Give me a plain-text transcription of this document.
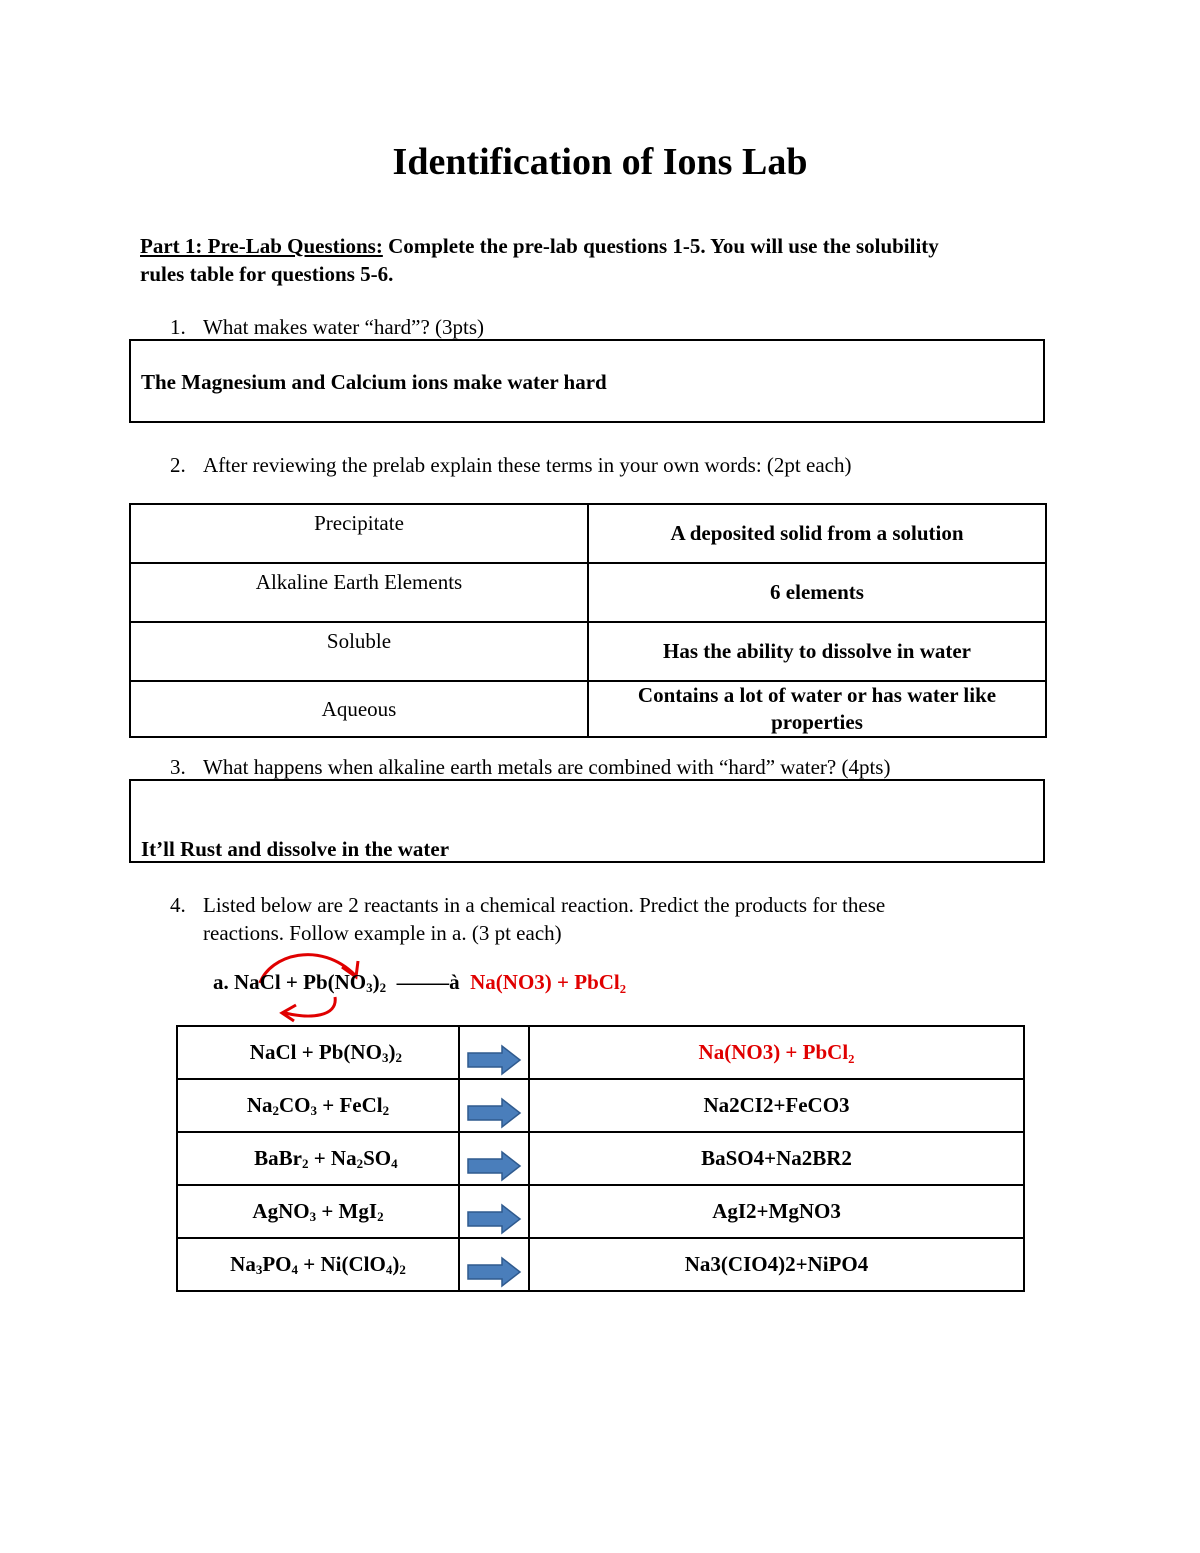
Identification of Ions Lab
Part 1: Pre-Lab Questions: Complete the pre-lab questions 1-5. You will use the solubility
rules table for questions 5-6.
1. What makes water “hard”? (3pts)
The Magnesium and Calcium ions make water hard
2. After reviewing the prelab explain these terms in your own words: (2pt each)
Precipitate	A deposited solid from a solution
Alkaline Earth Elements	6 elements
Soluble	Has the ability to dissolve in water
Aqueous	Contains a lot of water or has water like properties
3. What happens when alkaline earth metals are combined with “hard” water? (4pts)
It’ll Rust and dissolve in the water
4. Listed below are 2 reactants in a chemical reaction. Predict the products for these
reactions. Follow example in a. (3 pt each)
a. NaCl + $Pb(NO_3)_2$ –––––à Na(NO3) + PbCl₂
NaCl + $Pb(NO_3)_2$		Na(NO3) + PbCl₂
$Na_2CO_3$ + FeCl$_2$		Na2CI2+FeCO3
BaBr$_2$ + $Na_2SO_4$		BaSO4+Na2BR2
AgNO$_3$ + MgI$_2$		AgI2+MgNO3
$Na_3PO_4 + Ni(ClO_4)_2$		Na3(CIO4)2+NiPO4
